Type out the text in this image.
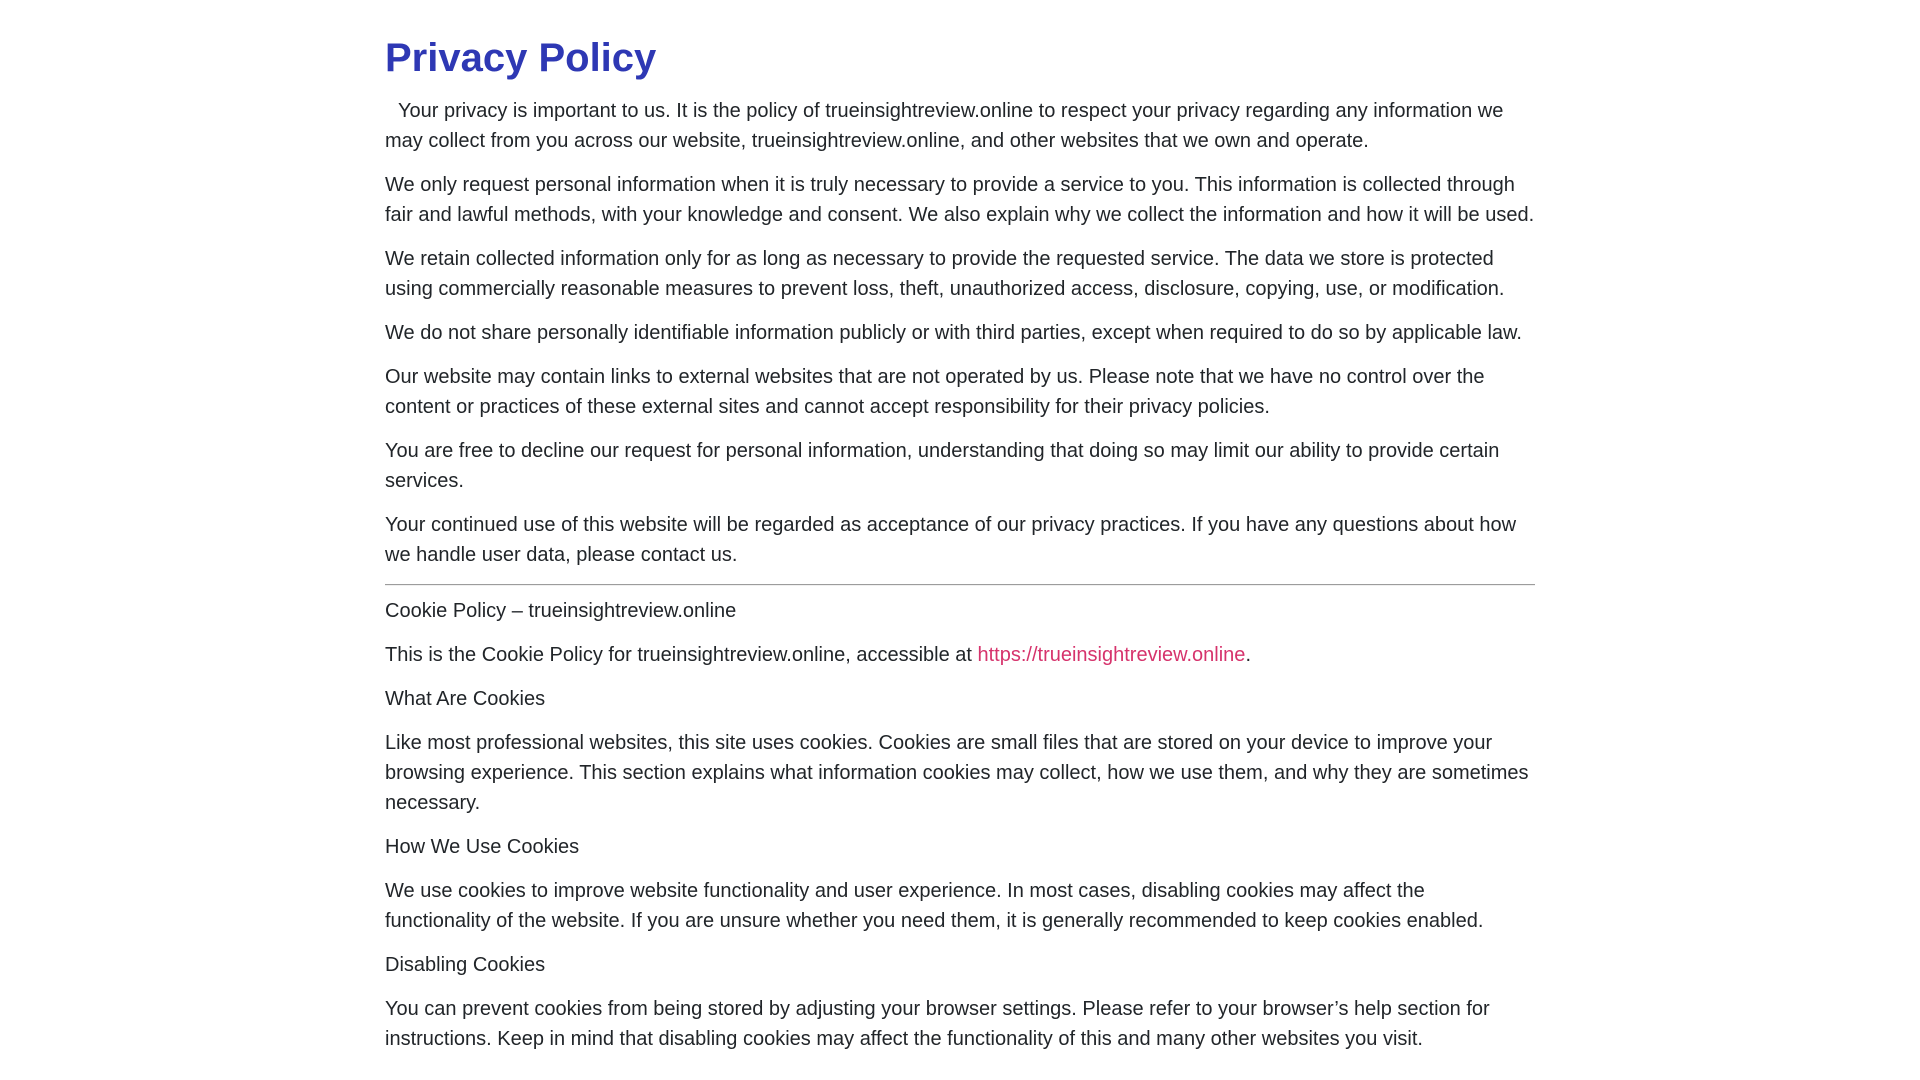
Privacy Policy

Your privacy is important to us. It is the policy of trueinsightreview.online to respect your privacy regarding any information we may collect from you across our website, trueinsightreview.online, and other websites that we own and operate.

We only request personal information when it is truly necessary to provide a service to you. This information is collected through fair and lawful methods, with your knowledge and consent. We also explain why we collect the information and how it will be used.

We retain collected information only for as long as necessary to provide the requested service. The data we store is protected using commercially reasonable measures to prevent loss, theft, unauthorized access, disclosure, copying, use, or modification.

We do not share personally identifiable information publicly or with third parties, except when required to do so by applicable law.

Our website may contain links to external websites that are not operated by us. Please note that we have no control over the content or practices of these external sites and cannot accept responsibility for their privacy policies.

You are free to decline our request for personal information, understanding that doing so may limit our ability to provide certain services.

Your continued use of this website will be regarded as acceptance of our privacy practices. If you have any questions about how we handle user data, please contact us.

Cookie Policy – trueinsightreview.online

This is the Cookie Policy for trueinsightreview.online, accessible at https://trueinsightreview.online.

What Are Cookies

Like most professional websites, this site uses cookies. Cookies are small files that are stored on your device to improve your browsing experience. This section explains what information cookies may collect, how we use them, and why they are sometimes necessary.

How We Use Cookies

We use cookies to improve website functionality and user experience. In most cases, disabling cookies may affect the functionality of the website. If you are unsure whether you need them, it is generally recommended to keep cookies enabled.

Disabling Cookies

You can prevent cookies from being stored by adjusting your browser settings. Please refer to your browser’s help section for instructions. Keep in mind that disabling cookies may affect the functionality of this and many other websites you visit.
